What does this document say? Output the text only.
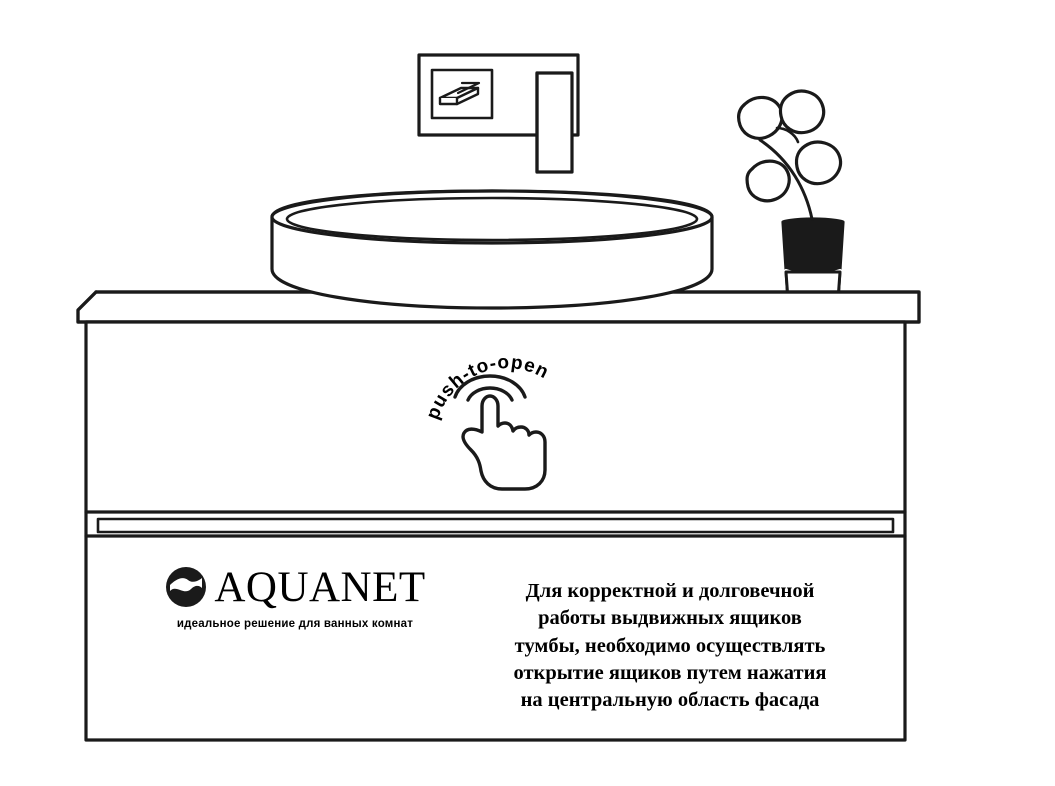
push-to-open
AQUANET
идеальное решение для ванных комнат
Для корректной и долговечной
работы выдвижных ящиков
тумбы, необходимо осуществлять
открытие ящиков путем нажатия
на центральную область фасада
